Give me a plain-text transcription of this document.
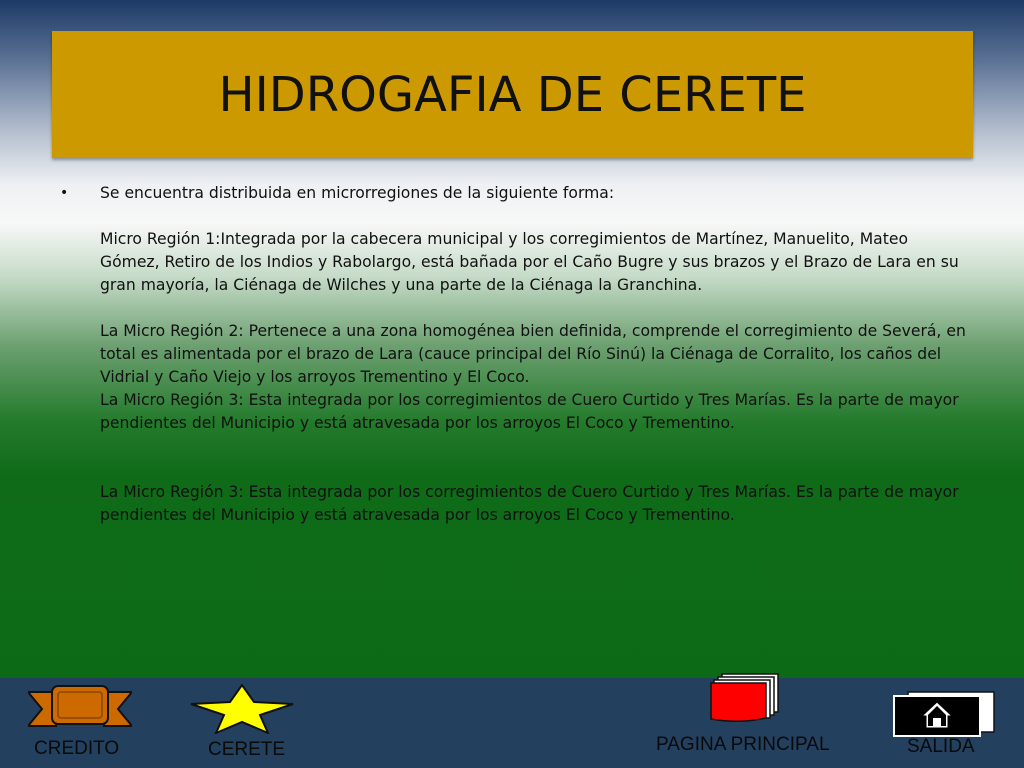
HIDROGAFIA DE CERETE
•	Se encuentra distribuida en microrregiones de la siguiente forma:

Micro Región 1:Integrada por la cabecera municipal y los corregimientos de Martínez, Manuelito, Mateo Gómez, Retiro de los Indios y Rabolargo, está bañada por el Caño Bugre y sus brazos y el Brazo de Lara en su gran mayoría, la Ciénaga de Wilches y una parte de la Ciénaga la Granchina.

La Micro Región 2: Pertenece a una zona homogénea bien definida, comprende el corregimiento de Severá, en total es alimentada por el brazo de Lara (cauce principal del Río Sinú) la Ciénaga de Corralito, los caños del Vidrial y Caño Viejo y los arroyos Trementino y El Coco.

La Micro Región 3: Esta integrada por los corregimientos de Cuero Curtido y Tres Marías. Es la parte de mayor pendientes del Municipio y está atravesada por los arroyos El Coco y Trementino.

La Micro Región 3: Esta integrada por los corregimientos de Cuero Curtido y Tres Marías. Es la parte de mayor pendientes del Municipio y está atravesada por los arroyos El Coco y Trementino.

CREDITO	CERETE	PAGINA PRINCIPAL	SALIDA
